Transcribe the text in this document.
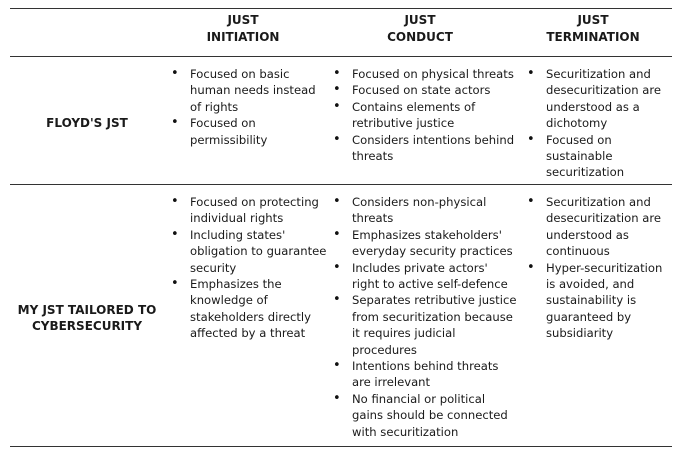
JUST
INITIATION
JUST
CONDUCT
JUST
TERMINATION
FLOYD'S JST
• Focused on basic human needs instead of rights
• Focused on permissibility
• Focused on physical threats
• Focused on state actors
• Contains elements of retributive justice
• Considers intentions behind threats
• Securitization and desecuritization are understood as a dichotomy
• Focused on sustainable securitization
MY JST TAILORED TO
CYBERSECURITY
• Focused on protecting individual rights
• Including states' obligation to guarantee security
• Emphasizes the knowledge of stakeholders directly affected by a threat
• Considers non-physical threats
• Emphasizes stakeholders' everyday security practices
• Includes private actors' right to active self-defence
• Separates retributive justice from securitization because it requires judicial procedures
• Intentions behind threats are irrelevant
• No financial or political gains should be connected with securitization
• Securitization and desecuritization are understood as continuous
• Hyper-securitization is avoided, and sustainability is guaranteed by subsidiarity
